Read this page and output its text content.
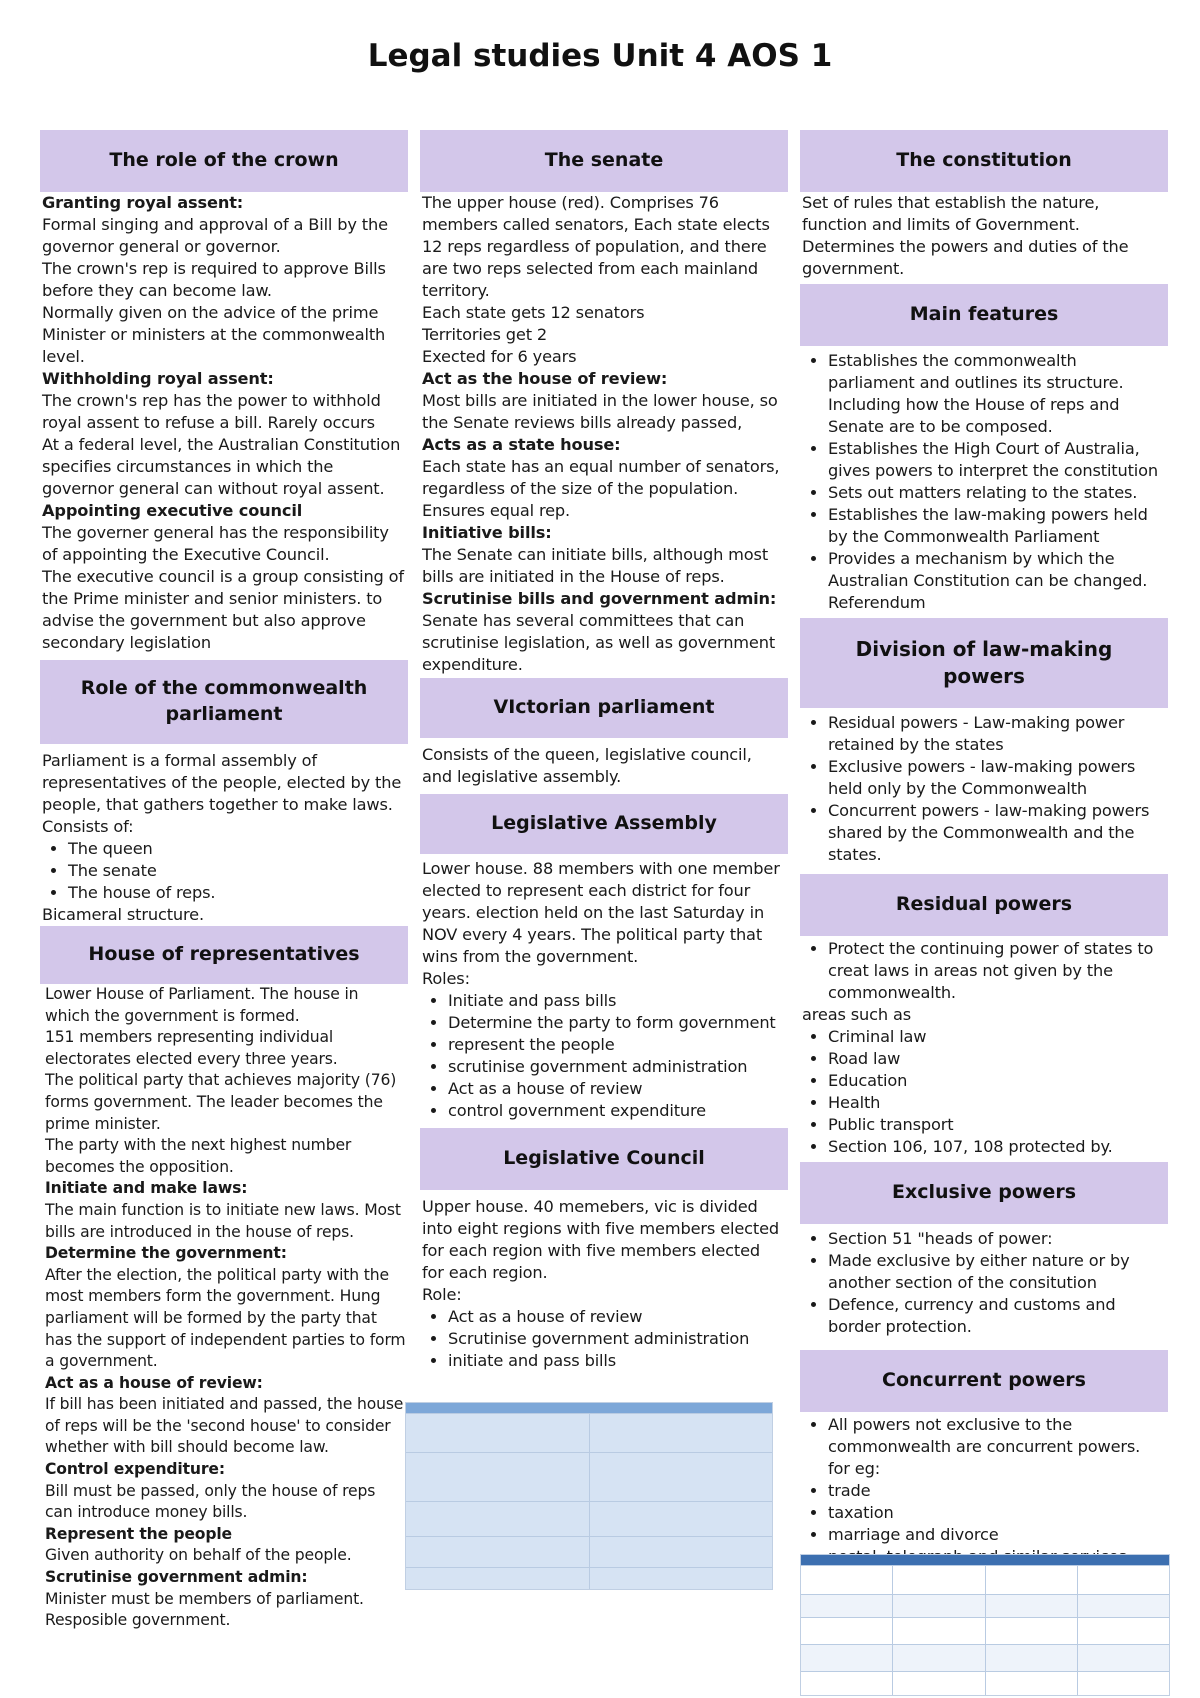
Legal studies Unit 4 AOS 1
The role of the crown

Granting royal assent:

Formal singing and approval of a Bill by the governor general or governor.

The crown's rep is required to approve Bills before they can become law.

Normally given on the advice of the prime Minister or ministers at the commonwealth level.

Withholding royal assent:

The crown's rep has the power to withhold royal assent to refuse a bill. Rarely occurs

At a federal level, the Australian Constitution specifies circumstances in which the governor general can without royal assent.

Appointing executive council

The governer general has the responsibility of appointing the Executive Council.

The executive council is a group consisting of the Prime minister and senior ministers. to advise the government but also approve secondary legislation

Role of the commonwealth parliament

Parliament is a formal assembly of representatives of the people, elected by the people, that gathers together to make laws.

Consists of:

• The queen
• The senate
• The house of reps.

Bicameral structure.

House of representatives

Lower House of Parliament. The house in which the government is formed.

151 members representing individual electorates elected every three years.

The political party that achieves majority (76) forms government. The leader becomes the prime minister.

The party with the next highest number becomes the opposition.

Initiate and make laws:

The main function is to initiate new laws. Most bills are introduced in the house of reps.

Determine the government:

After the election, the political party with the most members form the government. Hung parliament will be formed by the party that has the support of independent parties to form a government.

Act as a house of review:

If bill has been initiated and passed, the house of reps will be the 'second house' to consider whether with bill should become law.

Control expenditure:

Bill must be passed, only the house of reps can introduce money bills.

Represent the people

Given authority on behalf of the people.

Scrutinise government admin:

Minister must be members of parliament. Resposible government.

The senate

The upper house (red). Comprises 76 members called senators, Each state elects 12 reps regardless of population, and there are two reps selected from each mainland territory.

Each state gets 12 senators

Territories get 2

Exected for 6 years

Act as the house of review:

Most bills are initiated in the lower house, so the Senate reviews bills already passed,

Acts as a state house:

Each state has an equal number of senators, regardless of the size of the population. Ensures equal rep.

Initiative bills:

The Senate can initiate bills, although most bills are initiated in the House of reps.

Scrutinise bills and government admin:

Senate has several committees that can scrutinise legislation, as well as government expenditure.

VIctorian parliament

Consists of the queen, legislative council, and legislative assembly.

Legislative Assembly

Lower house. 88 members with one member elected to represent each district for four years. election held on the last Saturday in NOV every 4 years. The political party that wins from the government.

Roles:

• Initiate and pass bills
• Determine the party to form government
• represent the people
• scrutinise government administration
• Act as a house of review
• control government expenditure
Legislative Council

Upper house. 40 memebers, vic is divided into eight regions with five members elected for each region with five members elected for each region.

Role:

• Act as a house of review
• Scrutinise government administration
• initiate and pass bills
The constitution

Set of rules that establish the nature, function and limits of Government. Determines the powers and duties of the government.

Main features
• Establishes the commonwealth parliament and outlines its structure. Including how the House of reps and Senate are to be composed.
• Establishes the High Court of Australia, gives powers to interpret the constitution
• Sets out matters relating to the states.
• Establishes the law-making powers held by the Commonwealth Parliament
• Provides a mechanism by which the Australian Constitution can be changed. Referendum
Division of law-making powers
• Residual powers - Law-making power retained by the states
• Exclusive powers - law-making powers held only by the Commonwealth
• Concurrent powers - law-making powers shared by the Commonwealth and the states.
Residual powers
• Protect the continuing power of states to creat laws in areas not given by the commonwealth.

areas such as

• Criminal law
• Road law
• Education
• Health
• Public transport
• Section 106, 107, 108 protected by.
Exclusive powers
• Section 51 "heads of power:
• Made exclusive by either nature or by another section of the consitution
• Defence, currency and customs and border protection.
Concurrent powers
• All powers not exclusive to the commonwealth are concurrent powers. for eg:
• trade
• taxation
• marriage and divorce
•
